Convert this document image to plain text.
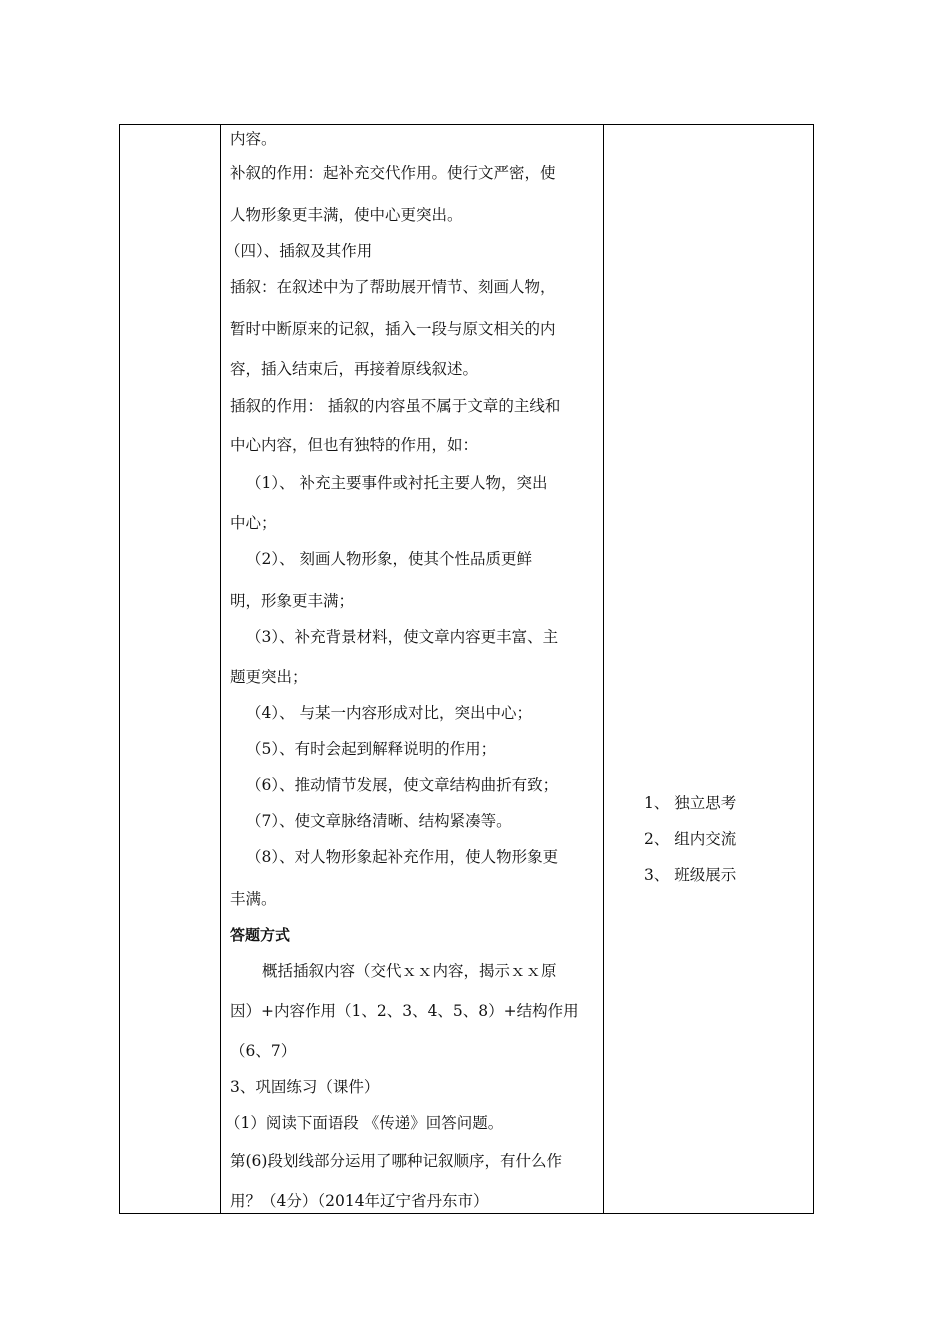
内容。
补叙的作用：起补充交代作用。使行文严密，使
人物形象更丰满，使中心更突出。
（四）、插叙及其作用
插叙：在叙述中为了帮助展开情节、刻画人物，
暂时中断原来的记叙，插入一段与原文相关的内
容，插入结束后，再接着原线叙述。
插叙的作用： 插叙的内容虽不属于文章的主线和
中心内容，但也有独特的作用，如：
（1）、 补充主要事件或衬托主要人物，突出
中心；
（2）、 刻画人物形象，使其个性品质更鲜
明，形象更丰满；
（3）、补充背景材料，使文章内容更丰富、主
题更突出；
（4）、 与某一内容形成对比，突出中心；
（5）、有时会起到解释说明的作用；
（6）、推动情节发展，使文章结构曲折有致；
（7）、使文章脉络清晰、结构紧凑等。
（8）、对人物形象起补充作用，使人物形象更
丰满。
答题方式
概括插叙内容（交代ｘｘ内容，揭示ｘｘ原
因）+内容作用（1、2、3、4、5、8）+结构作用
（6、7）
3、巩固练习（课件）
（1）阅读下面语段 《传递》回答问题。
第(6)段划线部分运用了哪种记叙顺序，有什么作
用？（4分）（2014年辽宁省丹东市）
1、 独立思考
2、 组内交流
3、 班级展示
